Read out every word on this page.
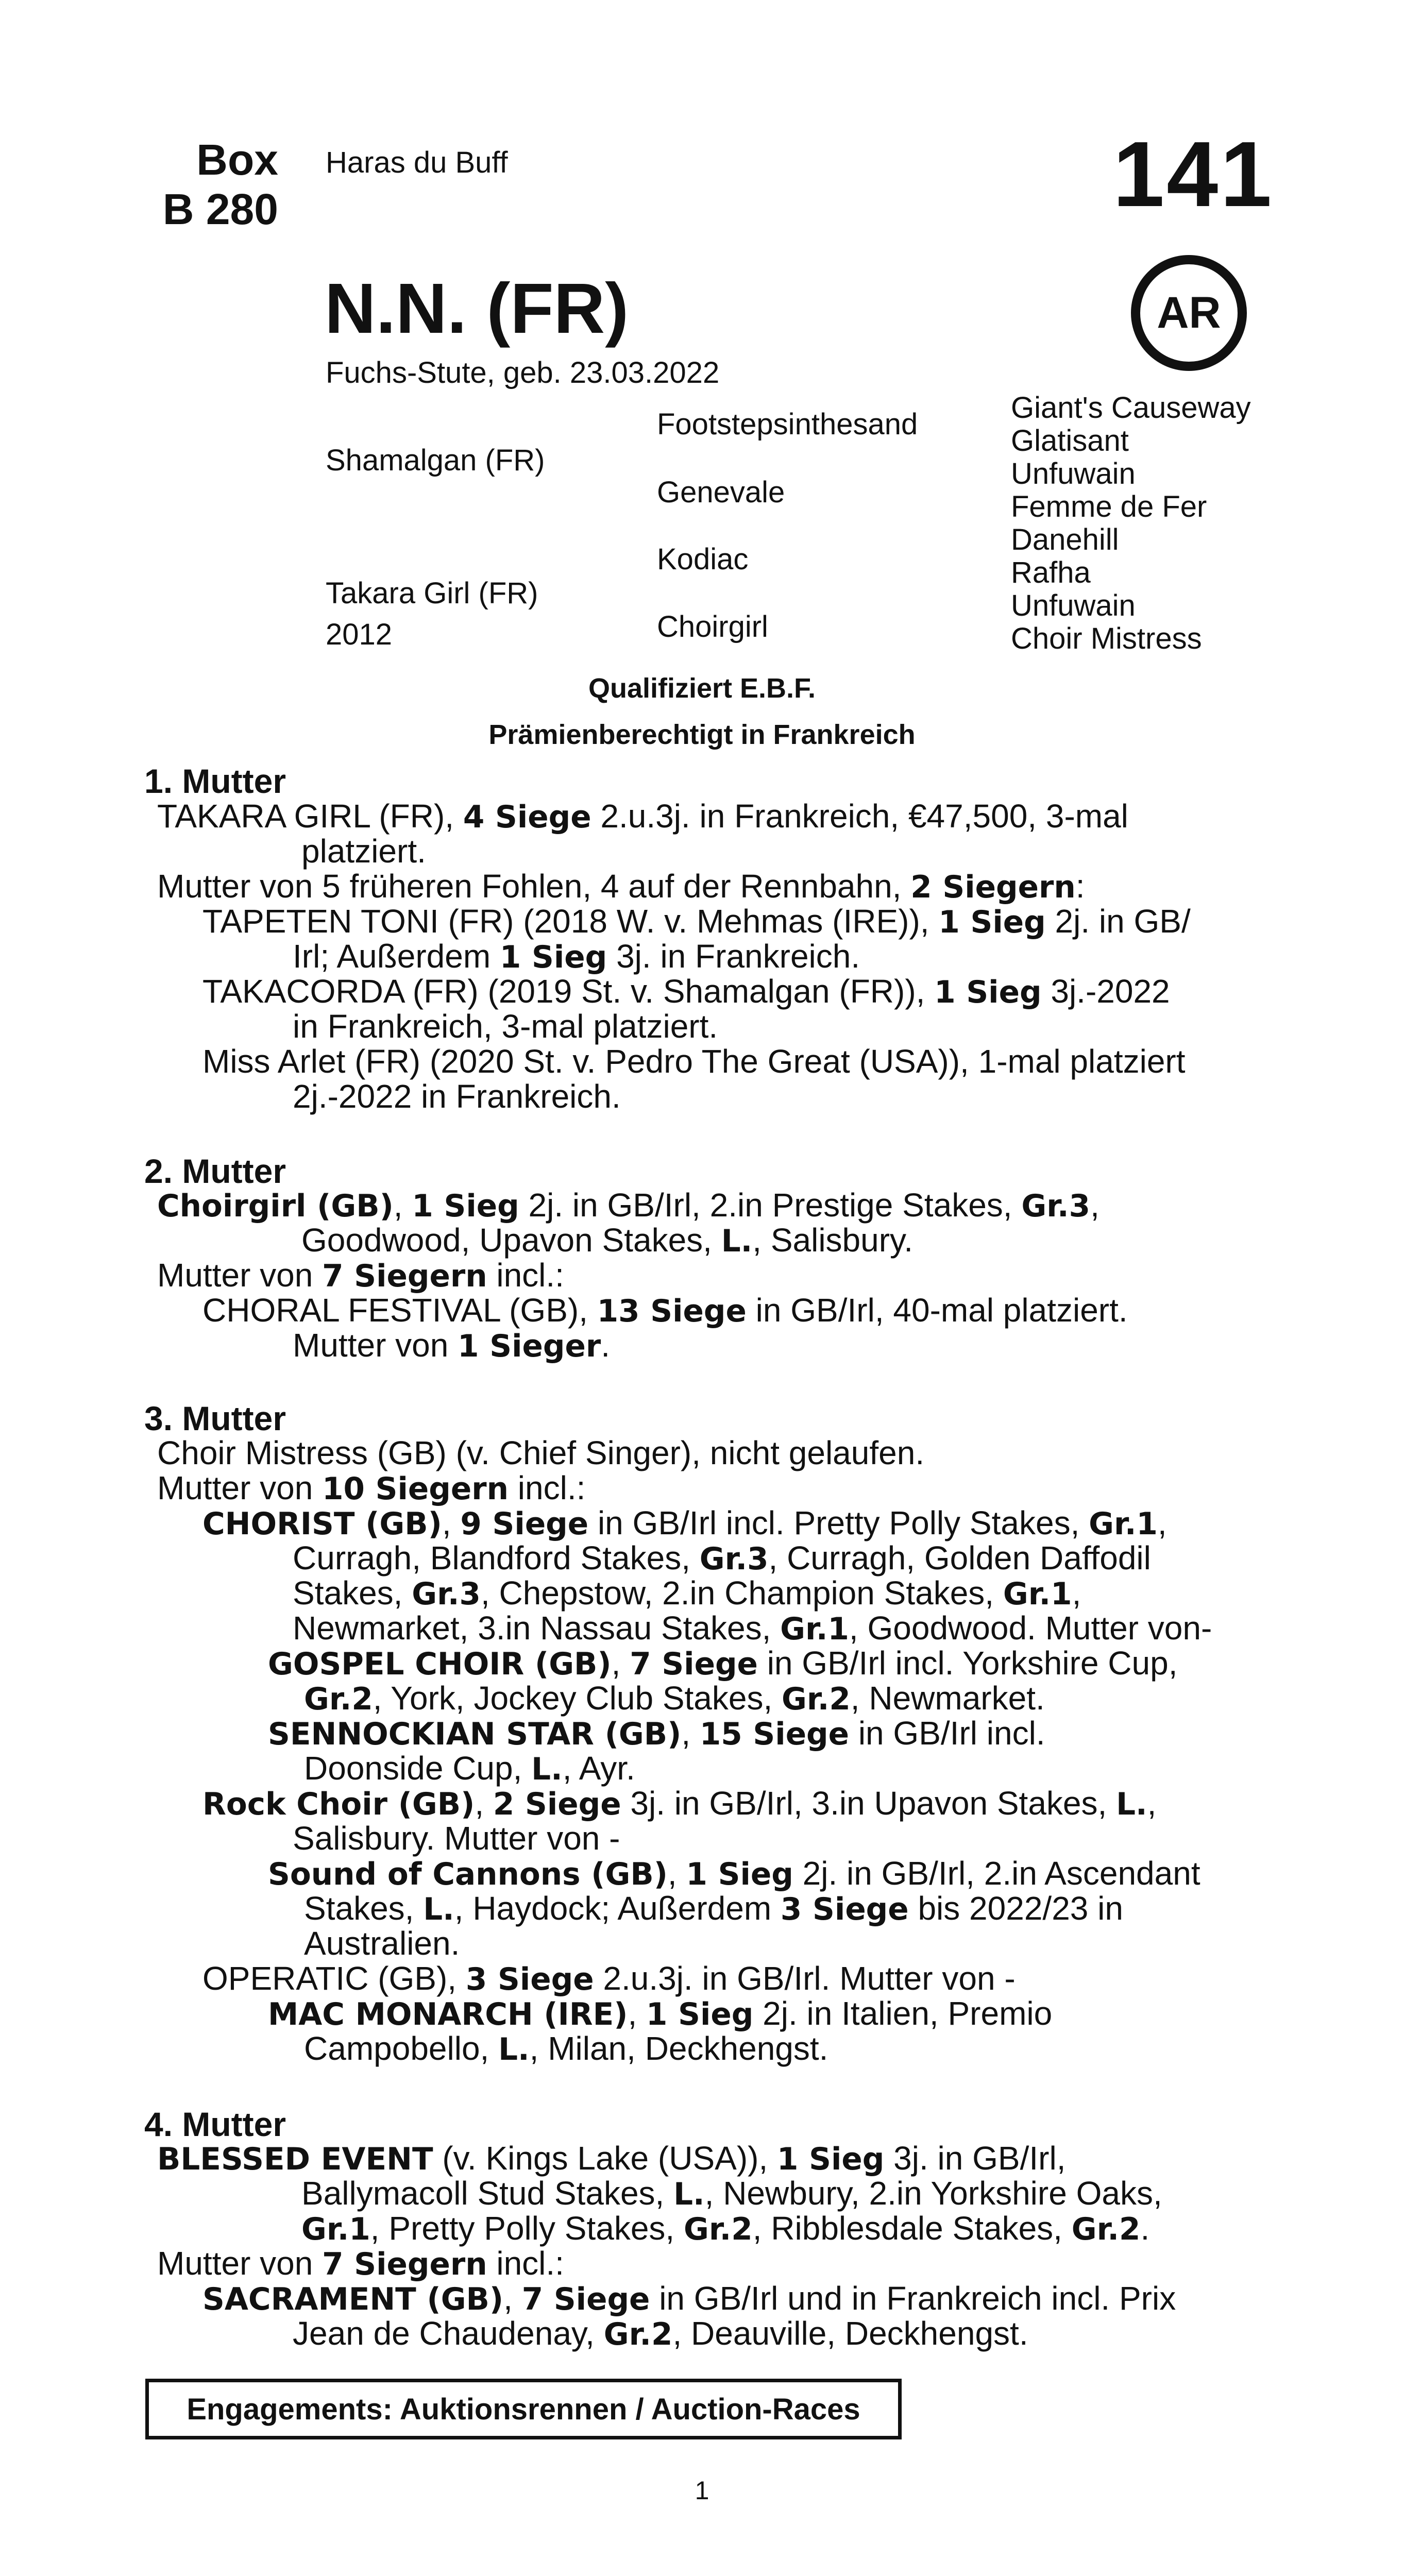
Box
B 280
Haras du Buff	141
AR
N.N. (FR)
Fuchs-Stute, geb. 23.03.2022
Shamalgan (FR)
Takara Girl (FR)
2012
Footstepsinthesand
Genevale
Kodiac
Choirgirl
Giant's Causeway
Glatisant
Unfuwain
Femme de Fer
Danehill
Rafha
Unfuwain
Choir Mistress
Qualifiziert E.B.F.
Prämienberechtigt in Frankreich
1. Mutter
TAKARA GIRL (FR), 4 Siege 2.u.3j. in Frankreich, €47,500, 3-mal
platziert.
Mutter von 5 früheren Fohlen, 4 auf der Rennbahn, 2 Siegern:
TAPETEN TONI (FR) (2018 W. v. Mehmas (IRE)), 1 Sieg 2j. in GB/
Irl; Außerdem 1 Sieg 3j. in Frankreich.
TAKACORDA (FR) (2019 St. v. Shamalgan (FR)), 1 Sieg 3j.-2022
in Frankreich, 3-mal platziert.
Miss Arlet (FR) (2020 St. v. Pedro The Great (USA)), 1-mal platziert
2j.-2022 in Frankreich.
2. Mutter
Choirgirl (GB), 1 Sieg 2j. in GB/Irl, 2.in Prestige Stakes, Gr.3,
Goodwood, Upavon Stakes, L., Salisbury.
Mutter von 7 Siegern incl.:
CHORAL FESTIVAL (GB), 13 Siege in GB/Irl, 40-mal platziert.
Mutter von 1 Sieger.
3. Mutter
Choir Mistress (GB) (v. Chief Singer), nicht gelaufen.
Mutter von 10 Siegern incl.:
CHORIST (GB), 9 Siege in GB/Irl incl. Pretty Polly Stakes, Gr.1,
Curragh, Blandford Stakes, Gr.3, Curragh, Golden Daffodil
Stakes, Gr.3, Chepstow, 2.in Champion Stakes, Gr.1,
Newmarket, 3.in Nassau Stakes, Gr.1, Goodwood. Mutter von-
GOSPEL CHOIR (GB), 7 Siege in GB/Irl incl. Yorkshire Cup,
Gr.2, York, Jockey Club Stakes, Gr.2, Newmarket.
SENNOCKIAN STAR (GB), 15 Siege in GB/Irl incl.
Doonside Cup, L., Ayr.
Rock Choir (GB), 2 Siege 3j. in GB/Irl, 3.in Upavon Stakes, L.,
Salisbury. Mutter von -
Sound of Cannons (GB), 1 Sieg 2j. in GB/Irl, 2.in Ascendant
Stakes, L., Haydock; Außerdem 3 Siege bis 2022/23 in
Australien.
OPERATIC (GB), 3 Siege 2.u.3j. in GB/Irl. Mutter von -
MAC MONARCH (IRE), 1 Sieg 2j. in Italien, Premio
Campobello, L., Milan, Deckhengst.
4. Mutter
BLESSED EVENT (v. Kings Lake (USA)), 1 Sieg 3j. in GB/Irl,
Ballymacoll Stud Stakes, L., Newbury, 2.in Yorkshire Oaks,
Gr.1, Pretty Polly Stakes, Gr.2, Ribblesdale Stakes, Gr.2.
Mutter von 7 Siegern incl.:
SACRAMENT (GB), 7 Siege in GB/Irl und in Frankreich incl. Prix
Jean de Chaudenay, Gr.2, Deauville, Deckhengst.
Engagements: Auktionsrennen / Auction-Races
1
